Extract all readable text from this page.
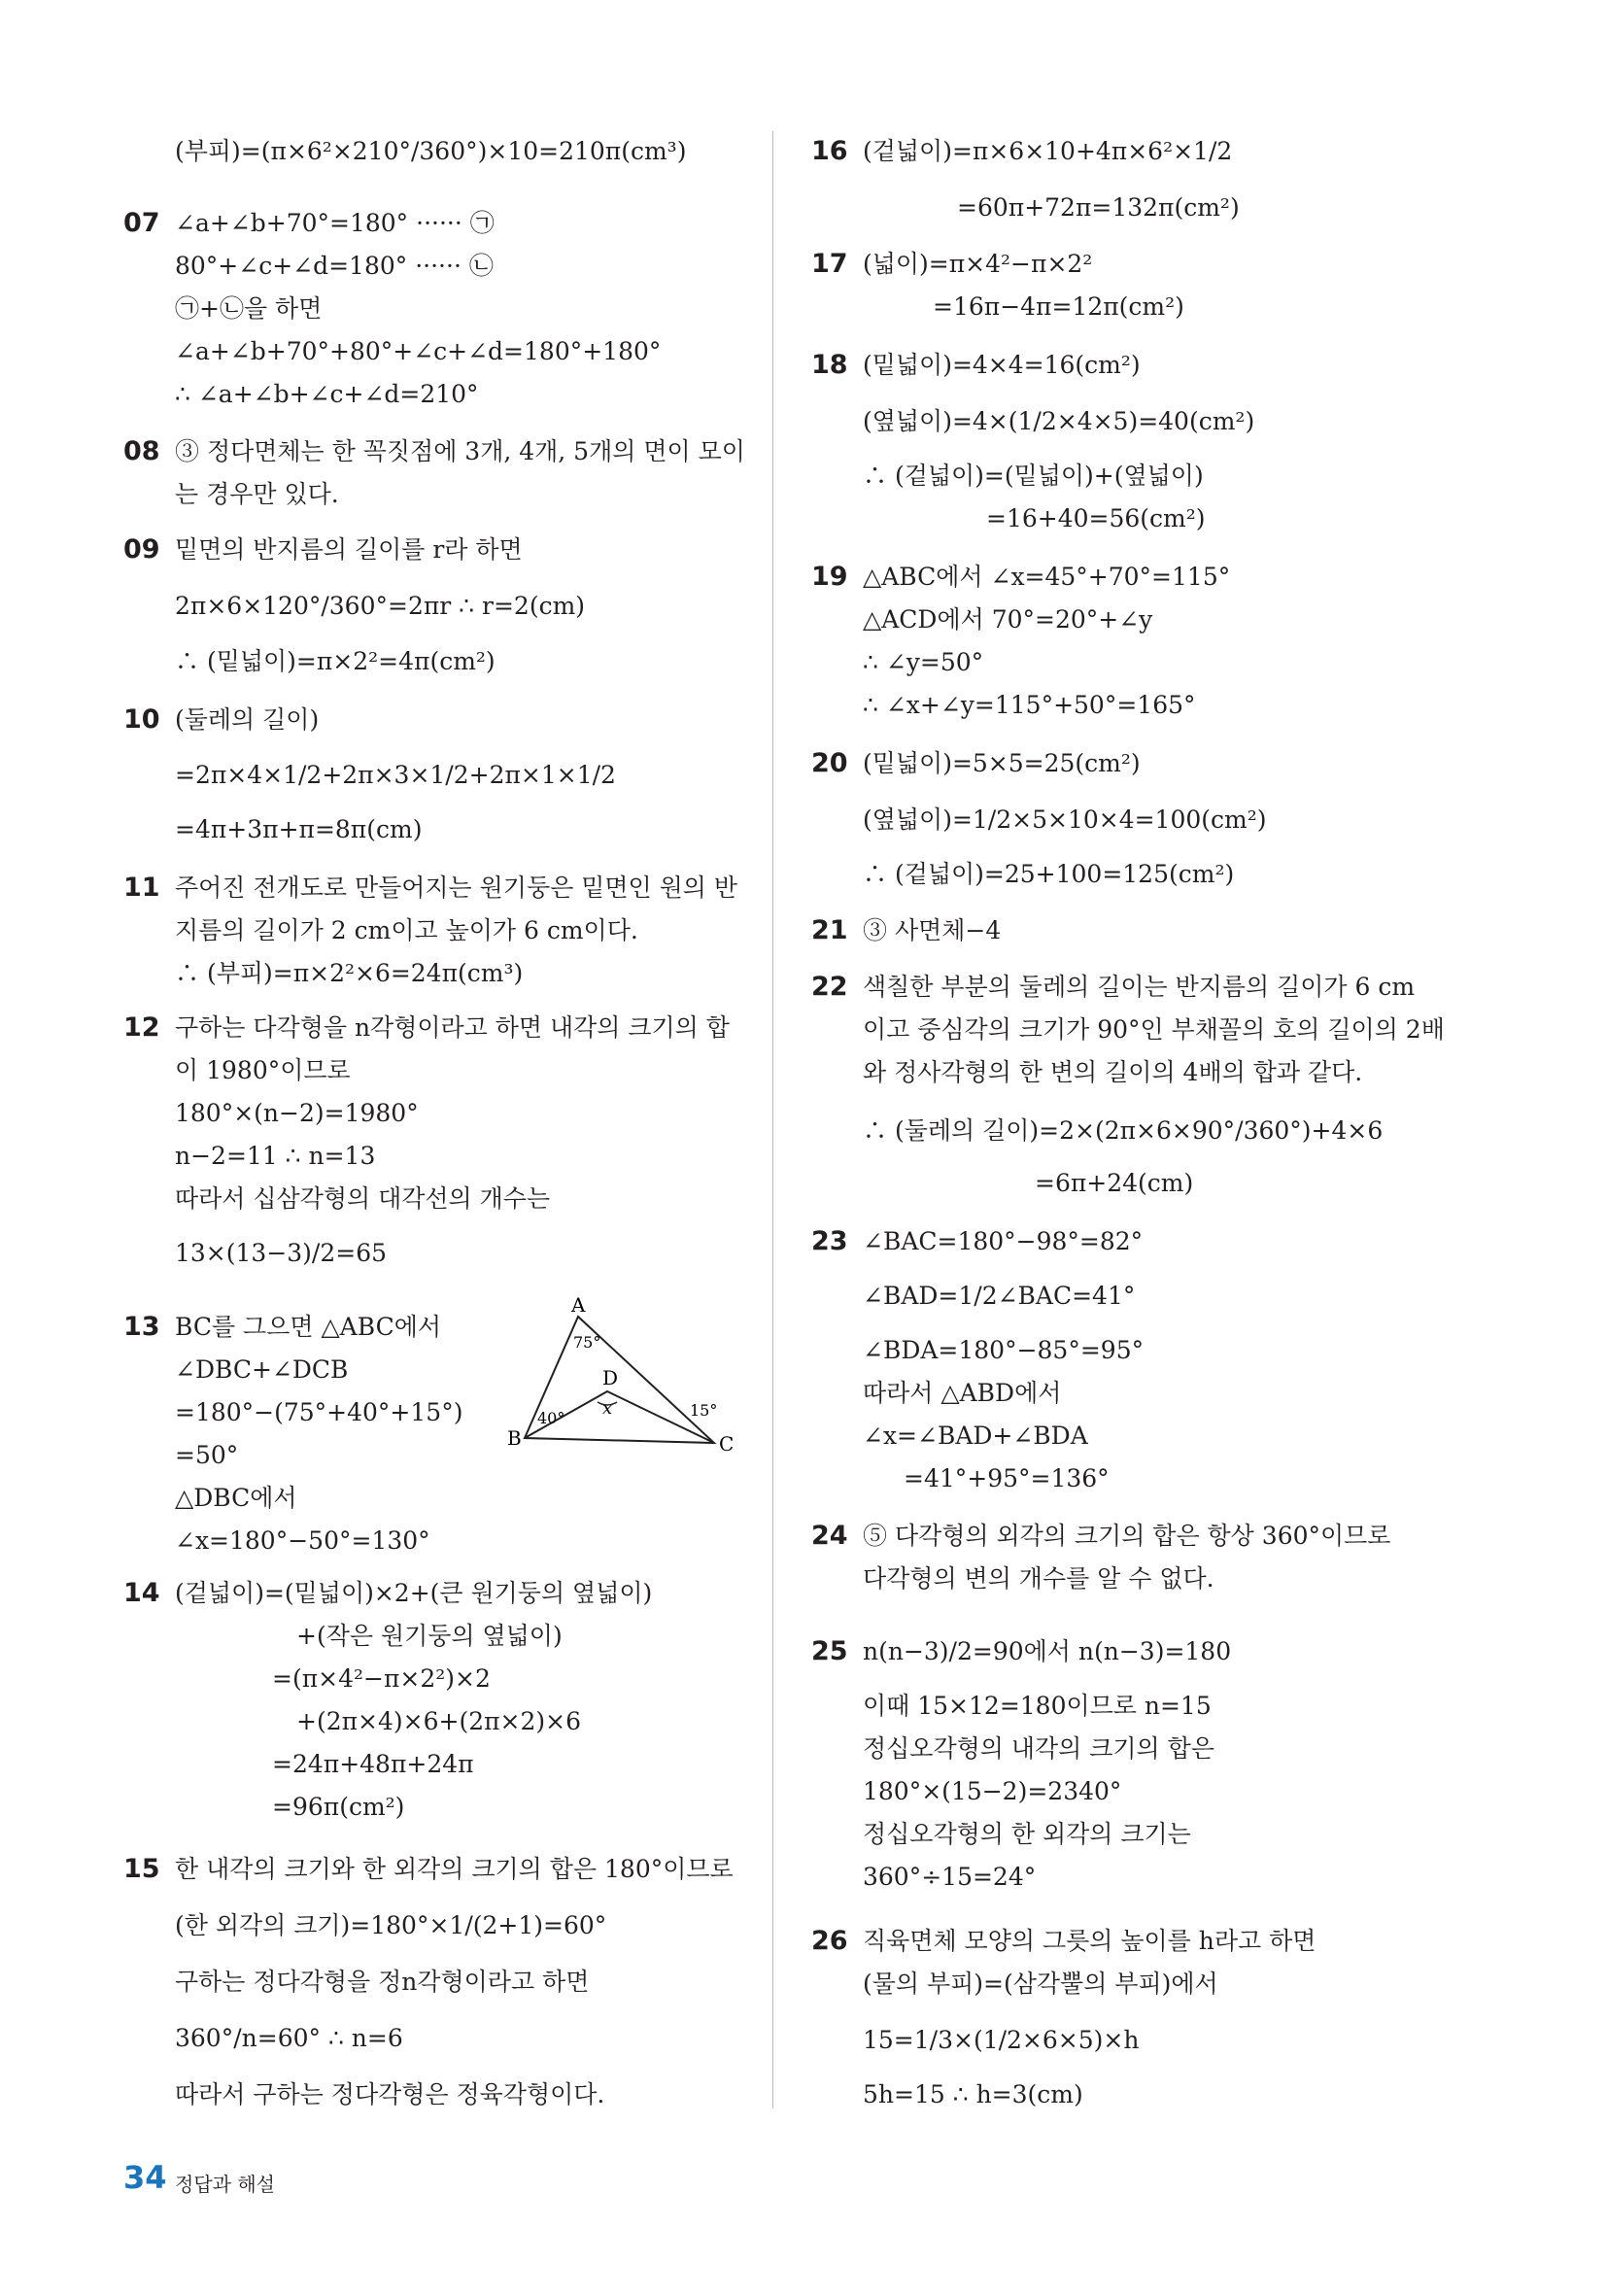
(부피)=(π×6²×210°/360°)×10=210π(cm³)
07 ∠a+∠b+70°=180° ······ ㉠
80°+∠c+∠d=180° ······ ㉡
㉠+㉡을 하면
∠a+∠b+70°+80°+∠c+∠d=180°+180°
∴ ∠a+∠b+∠c+∠d=210°
08 ③ 정다면체는 한 꼭짓점에 3개, 4개, 5개의 면이 모이
는 경우만 있다.
09 밑면의 반지름의 길이를 r라 하면
2π×6×120°/360°=2πr ∴ r=2(cm)
∴ (밑넓이)=π×2²=4π(cm²)
10 (둘레의 길이)
=2π×4×1/2+2π×3×1/2+2π×1×1/2
=4π+3π+π=8π(cm)
11 주어진 전개도로 만들어지는 원기둥은 밑면인 원의 반
지름의 길이가 2 cm이고 높이가 6 cm이다.
∴ (부피)=π×2²×6=24π(cm³)
12 구하는 다각형을 n각형이라고 하면 내각의 크기의 합
이 1980°이므로
180°×(n−2)=1980°
n−2=11 ∴ n=13
따라서 십삼각형의 대각선의 개수는
13×(13−3)/2=65
13 BC를 그으면 △ABC에서
∠DBC+∠DCB
=180°−(75°+40°+15°)
=50°
△DBC에서
∠x=180°−50°=130°
14 (겉넓이)=(밑넓이)×2+(큰 원기둥의 옆넓이)
+(작은 원기둥의 옆넓이)
=(π×4²−π×2²)×2
+(2π×4)×6+(2π×2)×6
=24π+48π+24π
=96π(cm²)
15 한 내각의 크기와 한 외각의 크기의 합은 180°이므로
(한 외각의 크기)=180°×1/(2+1)=60°
구하는 정다각형을 정n각형이라고 하면
360°/n=60° ∴ n=6
따라서 구하는 정다각형은 정육각형이다.
A
B	C
D
75°
40°	15°
x
16 (겉넓이)=π×6×10+4π×6²×1/2
=60π+72π=132π(cm²)
17 (넓이)=π×4²−π×2²
=16π−4π=12π(cm²)
18 (밑넓이)=4×4=16(cm²)
(옆넓이)=4×(1/2×4×5)=40(cm²)
∴ (겉넓이)=(밑넓이)+(옆넓이)
=16+40=56(cm²)
19 △ABC에서 ∠x=45°+70°=115°
△ACD에서 70°=20°+∠y
∴ ∠y=50°
∴ ∠x+∠y=115°+50°=165°
20 (밑넓이)=5×5=25(cm²)
(옆넓이)=1/2×5×10×4=100(cm²)
∴ (겉넓이)=25+100=125(cm²)
21 ③ 사면체−4
22 색칠한 부분의 둘레의 길이는 반지름의 길이가 6 cm
이고 중심각의 크기가 90°인 부채꼴의 호의 길이의 2배
와 정사각형의 한 변의 길이의 4배의 합과 같다.
∴ (둘레의 길이)=2×(2π×6×90°/360°)+4×6
=6π+24(cm)
23 ∠BAC=180°−98°=82°
∠BAD=1/2∠BAC=41°
∠BDA=180°−85°=95°
따라서 △ABD에서
∠x=∠BAD+∠BDA
=41°+95°=136°
24 ⑤ 다각형의 외각의 크기의 합은 항상 360°이므로
다각형의 변의 개수를 알 수 없다.
25 n(n−3)/2=90에서 n(n−3)=180
이때 15×12=180이므로 n=15
정십오각형의 내각의 크기의 합은
180°×(15−2)=2340°
정십오각형의 한 외각의 크기는
360°÷15=24°
26 직육면체 모양의 그릇의 높이를 h라고 하면
(물의 부피)=(삼각뿔의 부피)에서
15=1/3×(1/2×6×5)×h
5h=15 ∴ h=3(cm)
34 정답과 해설
